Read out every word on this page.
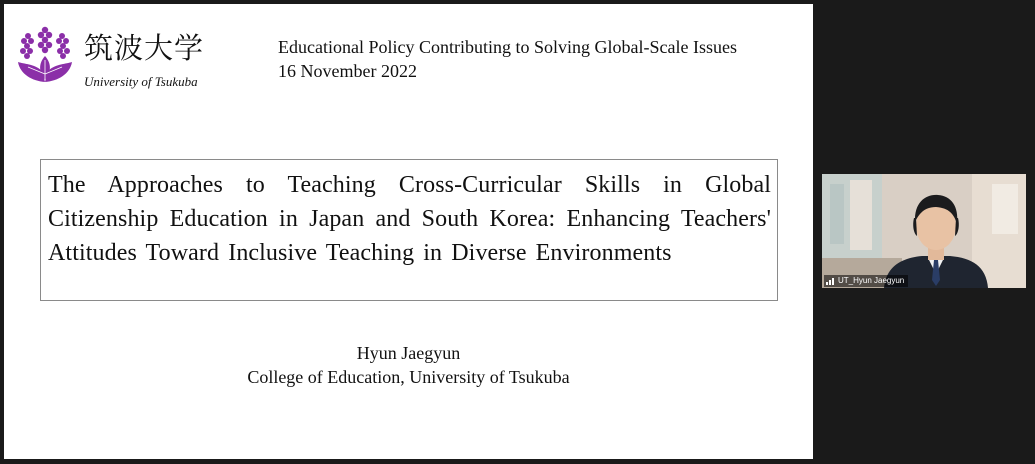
筑波大学
University of Tsukuba
Educational Policy Contributing to Solving Global-Scale Issues
16 November 2022

The Approaches to Teaching Cross-Curricular Skills in Global Citizenship Education in Japan and South Korea: Enhancing Teachers' Attitudes Toward Inclusive Teaching in Diverse Environments

Hyun Jaegyun
College of Education, University of Tsukuba
UT_Hyun Jaegyun
